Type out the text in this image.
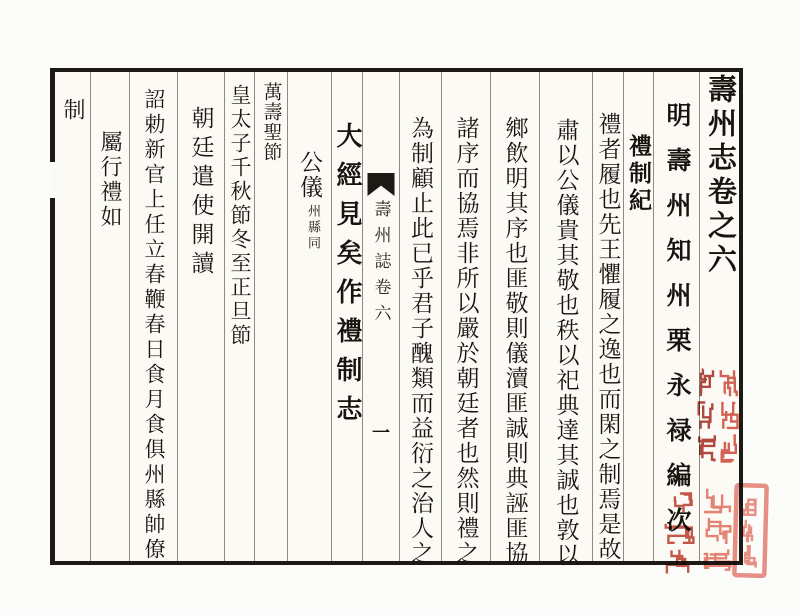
壽州志卷之六
明壽州知州栗永禄編次
禮制紀
禮者履也先王懼履之逸也而閑之制焉是故
肅以公儀貴其敬也秩以祀典達其誠也敦以
鄉飲明其序也匪敬則儀瀆匪誠則典誣匪協
諸序而協焉非所以嚴於朝廷者也然則禮之
為制顧止此已乎君子醜類而益衍之治人之
壽州誌卷六
一
大經見矣作禮制志
公儀州縣同
萬壽聖節
皇太子千秋節冬至正旦節
朝廷遣使開讀
詔勅新官上任立春鞭春日食月食俱州縣帥僚
屬行禮如
制
